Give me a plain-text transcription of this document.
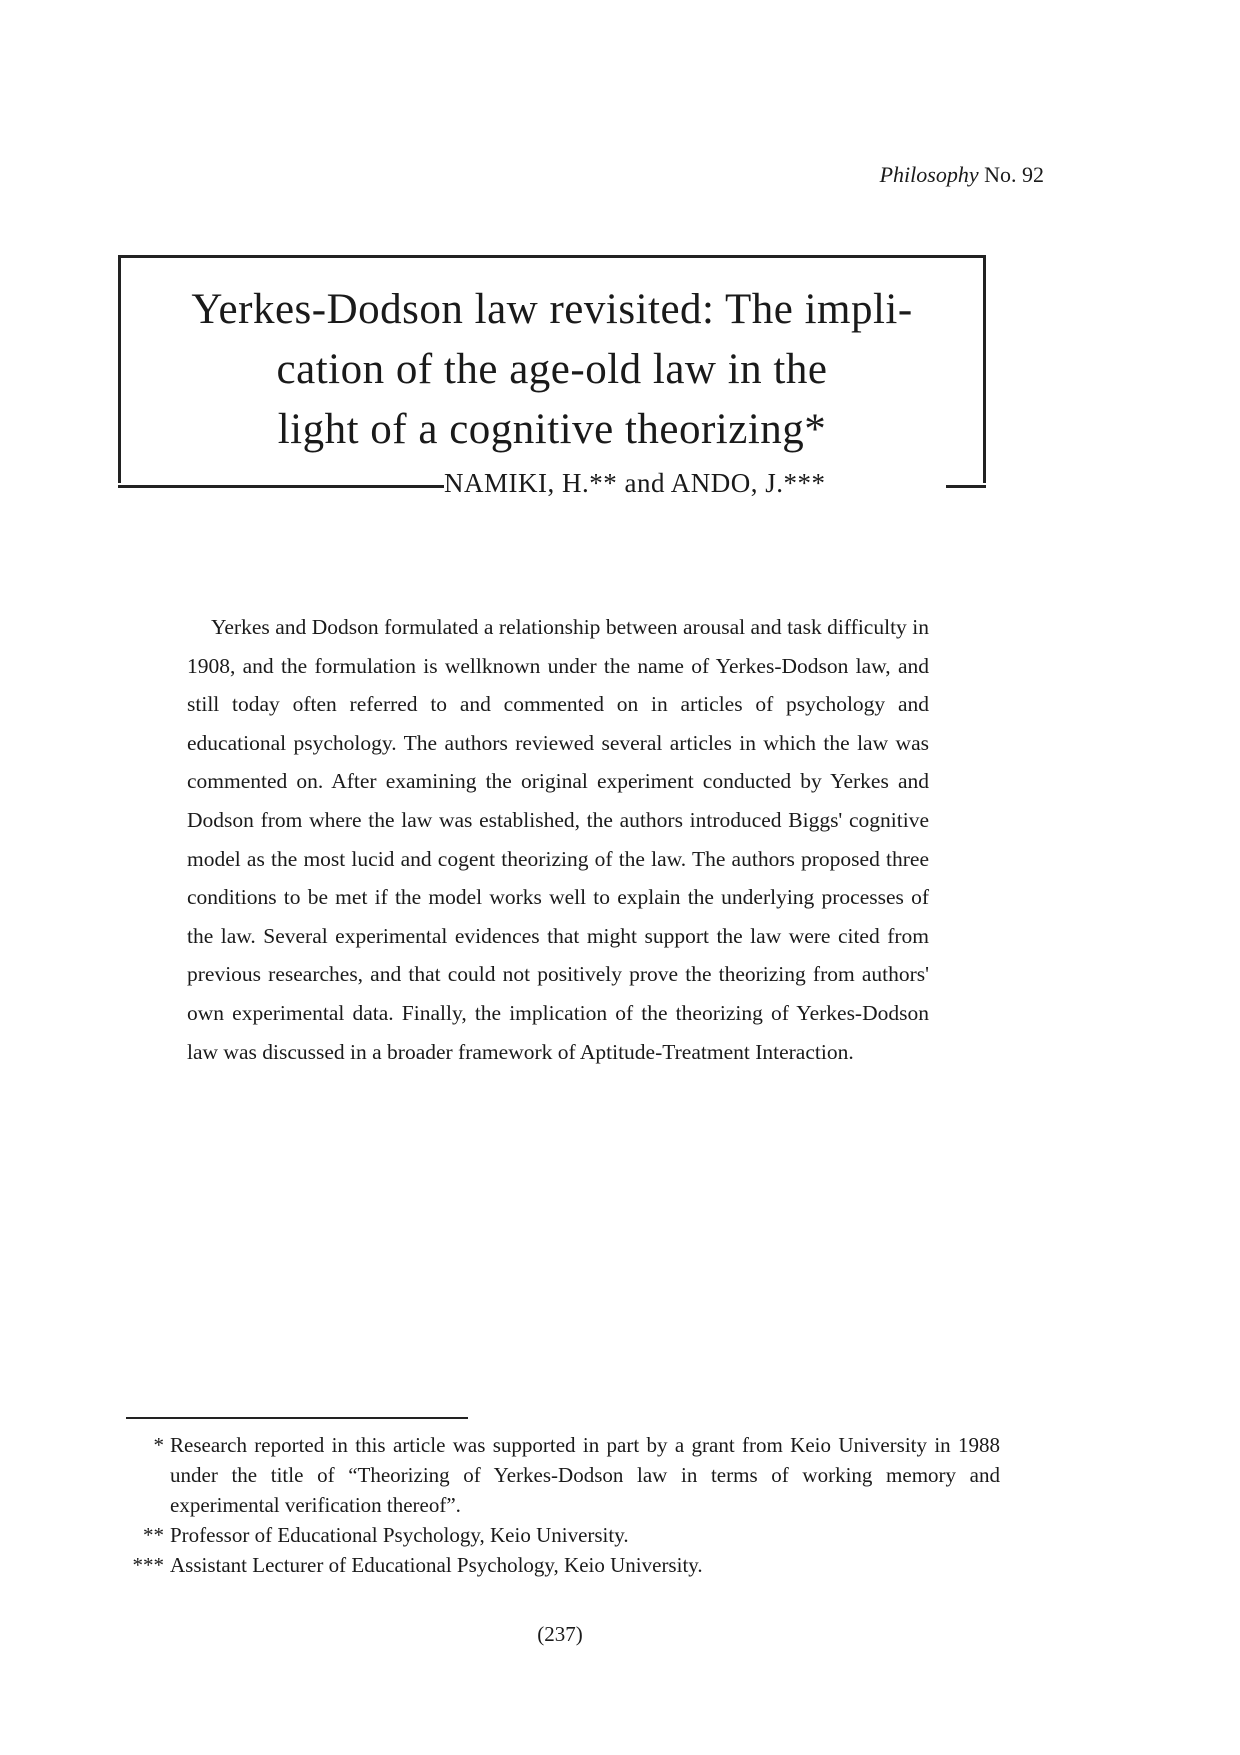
Philosophy No. 92
Yerkes-Dodson law revisited: The impli-
cation of the age-old law in the
light of a cognitive theorizing*
NAMIKI, H.** and ANDO, J.***

Yerkes and Dodson formulated a relationship between arousal and task difficulty in 1908, and the formulation is wellknown under the name of Yerkes-Dodson law, and still today often referred to and commented on in articles of psychology and educational psychology. The authors reviewed several articles in which the law was commented on. After examining the original experiment conducted by Yerkes and Dodson from where the law was established, the authors introduced Biggs' cognitive model as the most lucid and cogent theorizing of the law. The authors proposed three conditions to be met if the model works well to explain the underlying processes of the law. Several experimental evidences that might support the law were cited from previous researches, and that could not positively prove the theorizing from authors' own experimental data. Finally, the implication of the theorizing of Yerkes-Dodson law was discussed in a broader framework of Aptitude-Treatment Interaction.

* Research reported in this article was supported in part by a grant from Keio University in 1988 under the title of “Theorizing of Yerkes-Dodson law in terms of working memory and experimental verification thereof”.
** Professor of Educational Psychology, Keio University.
*** Assistant Lecturer of Educational Psychology, Keio University.
(237)
